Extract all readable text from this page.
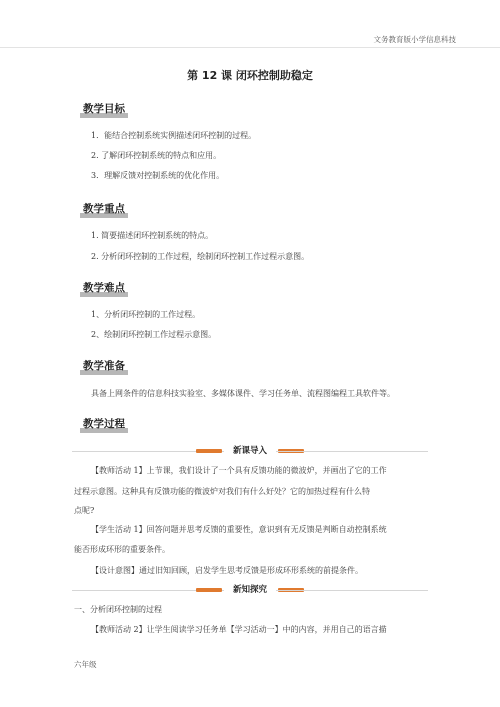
文务教育版小学信息科技
第 12 课 闭环控制助稳定
教学目标
1．能结合控制系统实例描述闭环控制的过程。
2. 了解闭环控制系统的特点和应用。
3．理解反馈对控制系统的优化作用。
教学重点
1. 简要描述闭环控制系统的特点。
2. 分析闭环控制的工作过程，绘制闭环控制工作过程示意图。
教学难点
1、分析闭环控制的工作过程。
2、绘制闭环控制工作过程示意图。
教学准备
具备上网条件的信息科技实验室、多媒体课件、学习任务单、流程图编程工具软件等。
教学过程
新课导入
【教师活动 1】上节课，我们设计了一个具有反馈功能的微波炉，并画出了它的工作
过程示意图。这种具有反馈功能的微波炉对我们有什么好处？它的加热过程有什么特
点呢?
【学生活动 1】回答问题并思考反馈的重要性，意识到有无反馈是判断自动控制系统
能否形成环形的重要条件。
【设计意图】通过旧知回顾，启发学生思考反馈是形成环形系统的前提条件。
新知探究
一、分析闭环控制的过程
【教师活动 2】让学生阅读学习任务单【学习活动一】中的内容，并用自己的语言描
六年级
